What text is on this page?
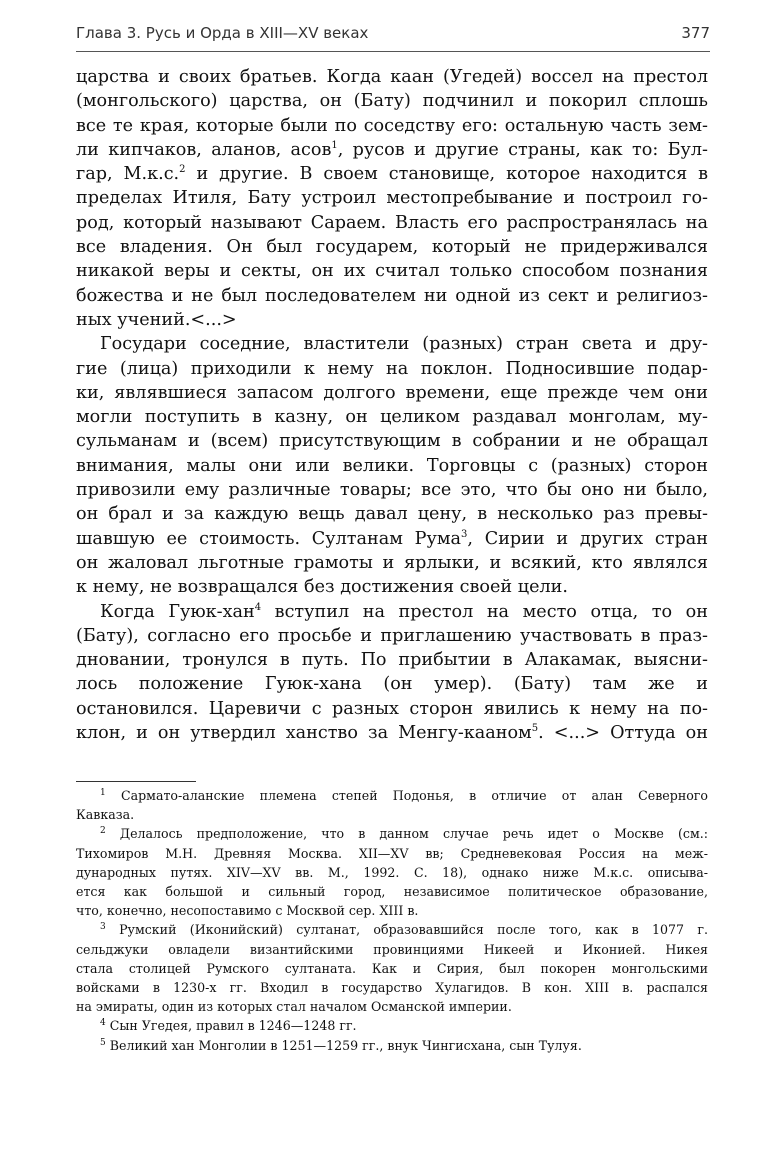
Глава 3. Русь и Орда в XIII—XV веках	377

царства и своих братьев. Когда каан (Угедей) воссел на престол
(монгольского) царства, он (Бату) подчинил и покорил сплошь
все те края, которые были по соседству его: остальную часть зем-
ли кипчаков, аланов, асов$^1$, русов и другие страны, как то: Бул-
гар, М.к.с.$^2$ и другие. В своем становище, которое находится в
пределах Итиля, Бату устроил местопребывание и построил го-
род, который называют Сараем. Власть его распространялась на
все владения. Он был государем, который не придерживался
никакой веры и секты, он их считал только способом познания
божества и не был последователем ни одной из сект и религиоз-
ных учений.<...>

Государи соседние, властители (разных) стран света и дру-
гие (лица) приходили к нему на поклон. Подносившие подар-
ки, являвшиеся запасом долгого времени, еще прежде чем они
могли поступить в казну, он целиком раздавал монголам, му-
сульманам и (всем) присутствующим в собрании и не обращал
внимания, малы они или велики. Торговцы с (разных) сторон
привозили ему различные товары; все это, что бы оно ни было,
он брал и за каждую вещь давал цену, в несколько раз превы-
шавшую ее стоимость. Султанам Рума$^3$, Сирии и других стран
он жаловал льготные грамоты и ярлыки, и всякий, кто являлся
к нему, не возвращался без достижения своей цели.

Когда Гуюк-хан$^4$ вступил на престол на место отца, то он
(Бату), согласно его просьбе и приглашению участвовать в праз-
дновании, тронулся в путь. По прибытии в Алакамак, выясни-
лось положение Гуюк-хана (он умер). (Бату) там же и
остановился. Царевичи с разных сторон явились к нему на по-
клон, и он утвердил ханство за Менгу-кааном$^5$. <...> Оттуда он

$^1$ Сармато-аланские племена степей Подонья, в отличие от алан Северного
Кавказа.
$^2$ Делалось предположение, что в данном случае речь идет о Москве (см.:
Тихомиров М.Н. Древняя Москва. XII—XV вв; Средневековая Россия на меж-
дународных путях. XIV—XV вв. М., 1992. С. 18), однако ниже М.к.с. описыва-
ется как большой и сильный город, независимое политическое образование,
что, конечно, несопоставимо с Москвой сер. XIII в.
$^3$ Румский (Иконийский) султанат, образовавшийся после того, как в 1077 г.
сельджуки овладели византийскими провинциями Никеей и Иконией. Никея
стала столицей Румского султаната. Как и Сирия, был покорен монгольскими
войсками в 1230-х гг. Входил в государство Хулагидов. В кон. XIII в. распался
на эмираты, один из которых стал началом Османской империи.
$^4$ Сын Угедея, правил в 1246—1248 гг.
$^5$ Великий хан Монголии в 1251—1259 гг., внук Чингисхана, сын Тулуя.
